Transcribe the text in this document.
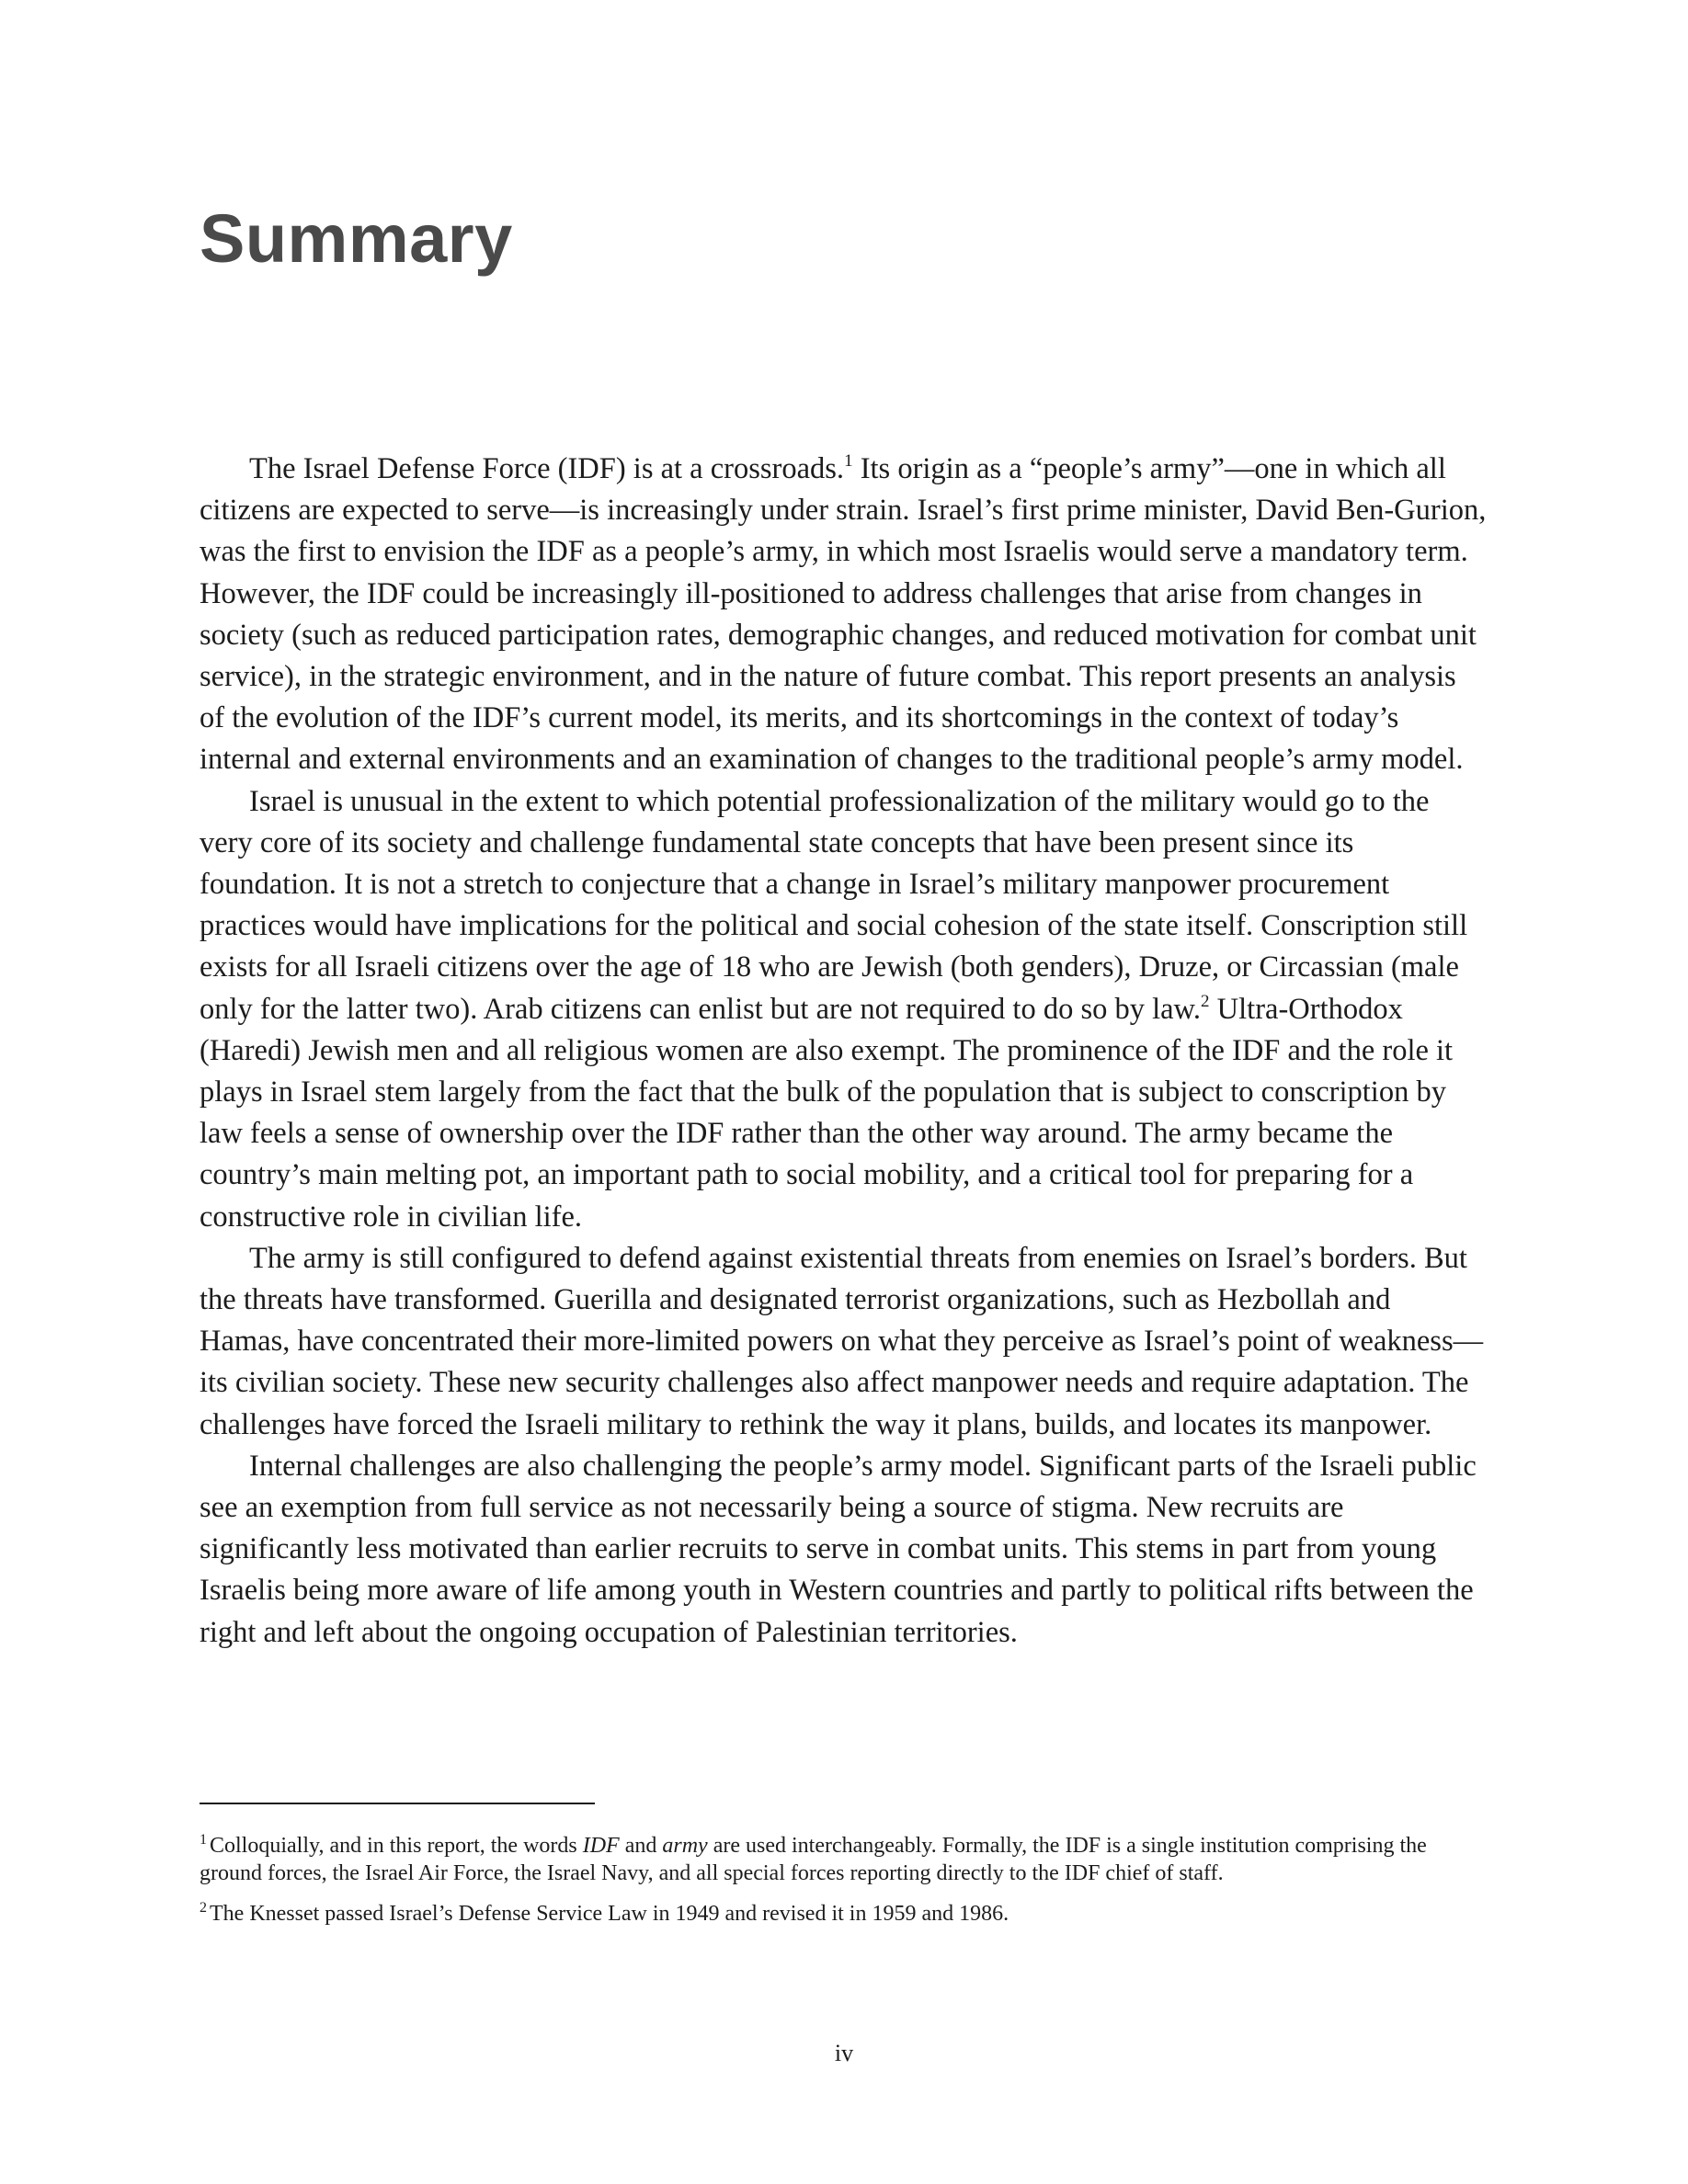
Summary

The Israel Defense Force (IDF) is at a crossroads.$^1$ Its origin as a “people’s army”—one in which all citizens are expected to serve—is increasingly under strain. Israel’s first prime minister, David Ben-Gurion, was the first to envision the IDF as a people’s army, in which most Israelis would serve a mandatory term. However, the IDF could be increasingly ill-positioned to address challenges that arise from changes in society (such as reduced participation rates, demographic changes, and reduced motivation for combat unit service), in the strategic environment, and in the nature of future combat. This report presents an analysis of the evolution of the IDF’s current model, its merits, and its shortcomings in the context of today’s internal and external environments and an examination of changes to the traditional people’s army model.

Israel is unusual in the extent to which potential professionalization of the military would go to the very core of its society and challenge fundamental state concepts that have been present since its foundation. It is not a stretch to conjecture that a change in Israel’s military manpower procurement practices would have implications for the political and social cohesion of the state itself. Conscription still exists for all Israeli citizens over the age of 18 who are Jewish (both genders), Druze, or Circassian (male only for the latter two). Arab citizens can enlist but are not required to do so by law.$^2$ Ultra-Orthodox (Haredi) Jewish men and all religious women are also exempt. The prominence of the IDF and the role it plays in Israel stem largely from the fact that the bulk of the population that is subject to conscription by law feels a sense of ownership over the IDF rather than the other way around. The army became the country’s main melting pot, an important path to social mobility, and a critical tool for preparing for a constructive role in civilian life.

The army is still configured to defend against existential threats from enemies on Israel’s borders. But the threats have transformed. Guerilla and designated terrorist organizations, such as Hezbollah and Hamas, have concentrated their more-limited powers on what they perceive as Israel’s point of weakness—its civilian society. These new security challenges also affect manpower needs and require adaptation. The challenges have forced the Israeli military to rethink the way it plans, builds, and locates its manpower.

Internal challenges are also challenging the people’s army model. Significant parts of the Israeli public see an exemption from full service as not necessarily being a source of stigma. New recruits are significantly less motivated than earlier recruits to serve in combat units. This stems in part from young Israelis being more aware of life among youth in Western countries and partly to political rifts between the right and left about the ongoing occupation of Palestinian territories.

$^1$ Colloquially, and in this report, the words IDF and army are used interchangeably. Formally, the IDF is a single institution comprising the ground forces, the Israel Air Force, the Israel Navy, and all special forces reporting directly to the IDF chief of staff.

$^2$ The Knesset passed Israel’s Defense Service Law in 1949 and revised it in 1959 and 1986.

iv
